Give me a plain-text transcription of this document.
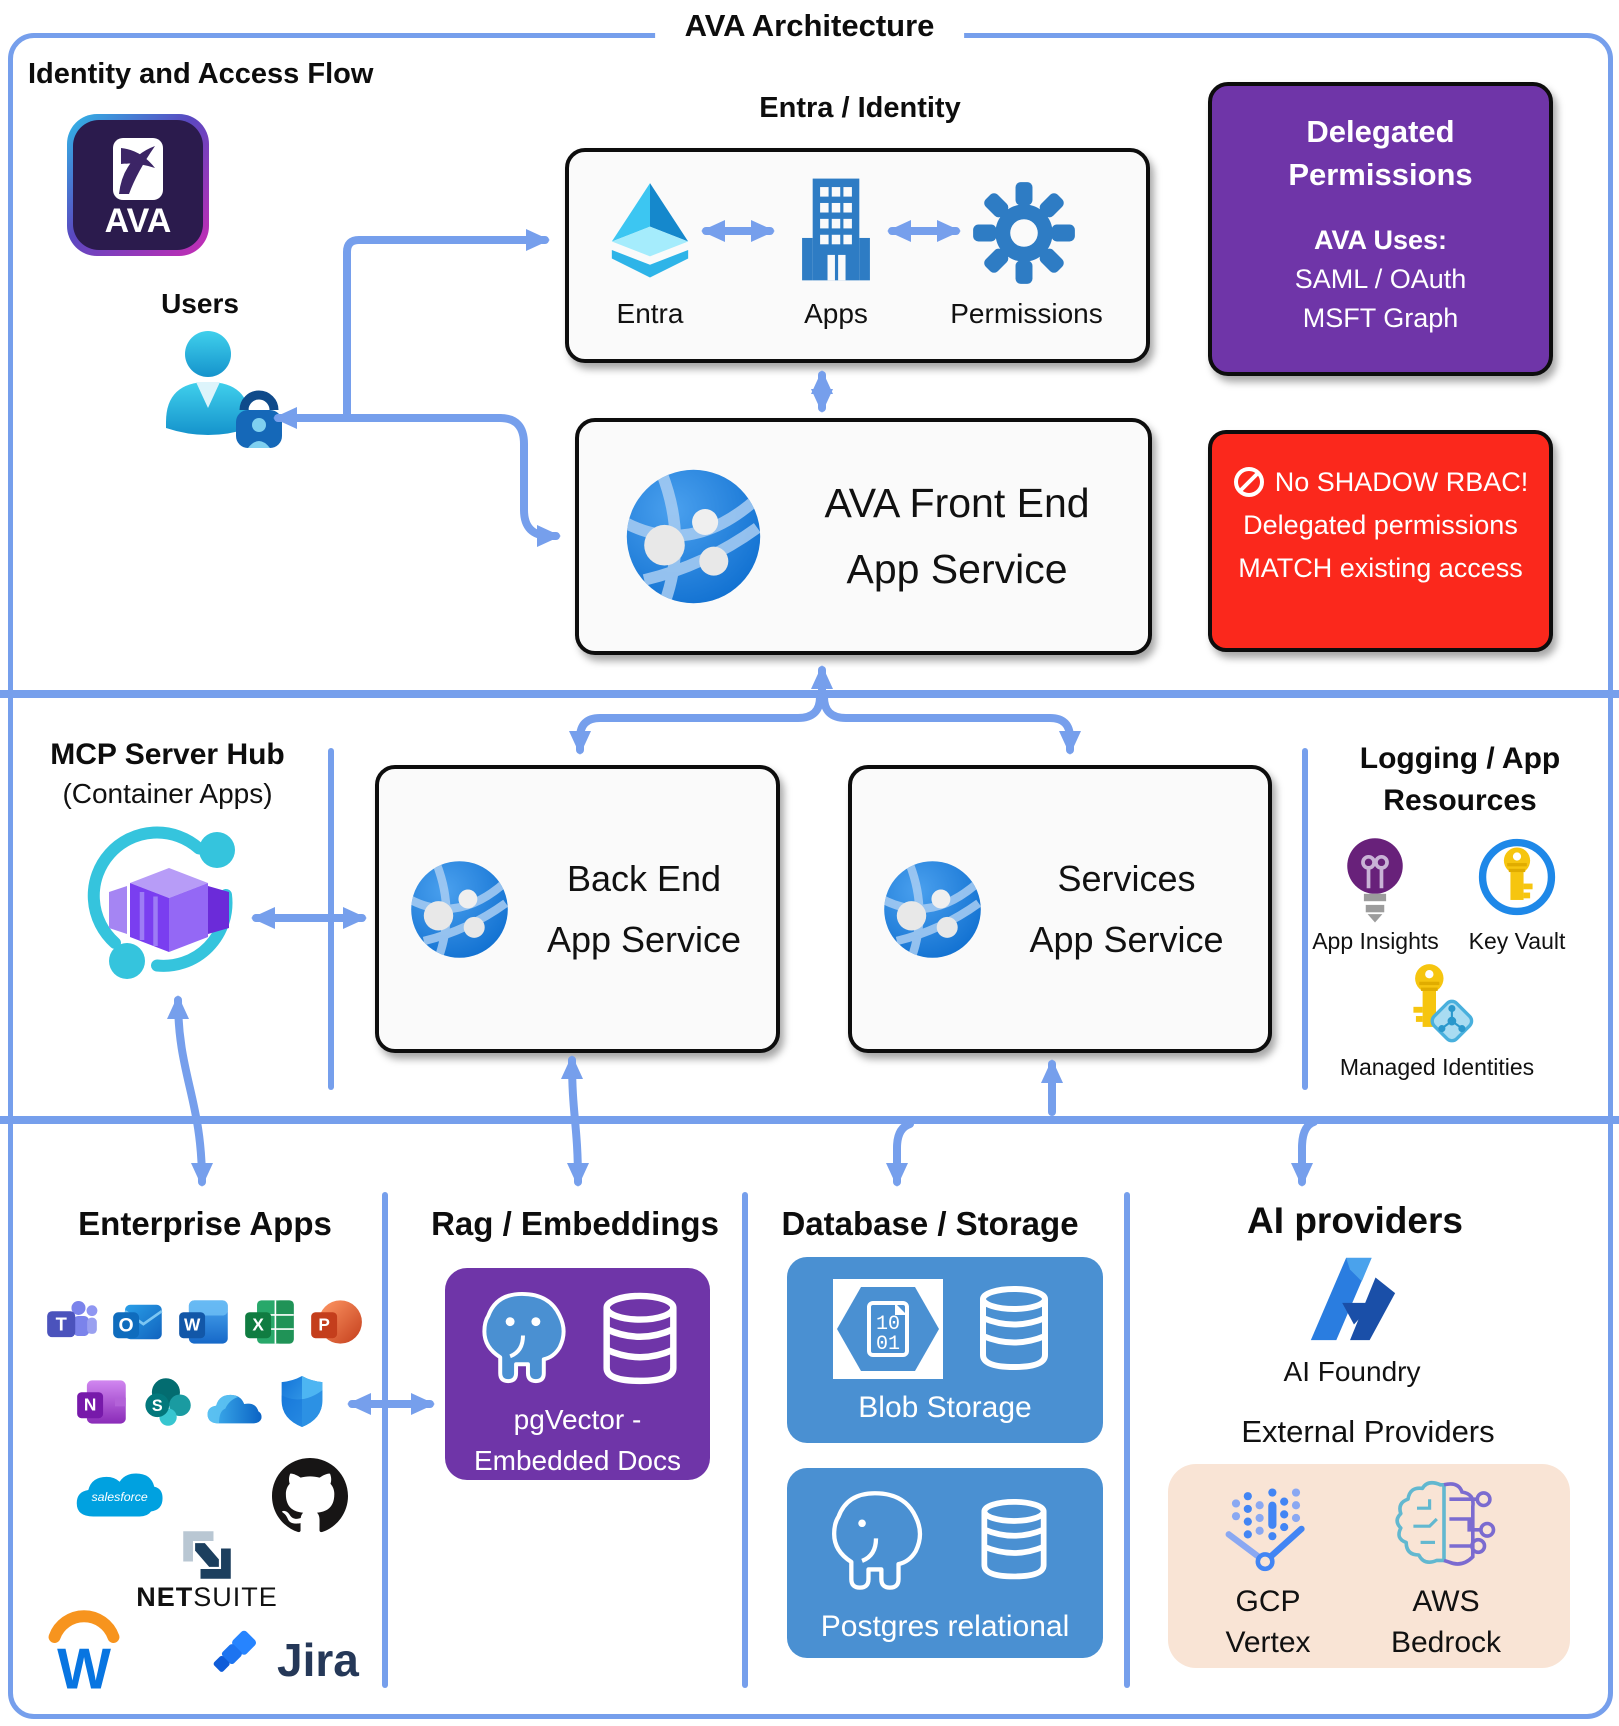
AVA Architecture
Identity and Access Flow
AVA
Users
Entra / Identity
Entra	Apps	Permissions
Delegated Permissions
AVA Uses:
SAML / OAuth
MSFT Graph
No SHADOW RBAC!
Delegated permissions
MATCH existing access
AVA Front End
App Service
MCP Server Hub
(Container Apps)
Back End
App Service
Services
App Service
Logging / App
Resources
App Insights	Key Vault
Managed Identities
Enterprise Apps	Rag / Embeddings	Database / Storage	AI providers
T O W X P
N S
salesforce
NETSUITE
W	Jira
pgVector -
Embedded Docs
10
01
Blob Storage
Postgres relational
AI Foundry
External Providers
GCP
Vertex
AWS
Bedrock
